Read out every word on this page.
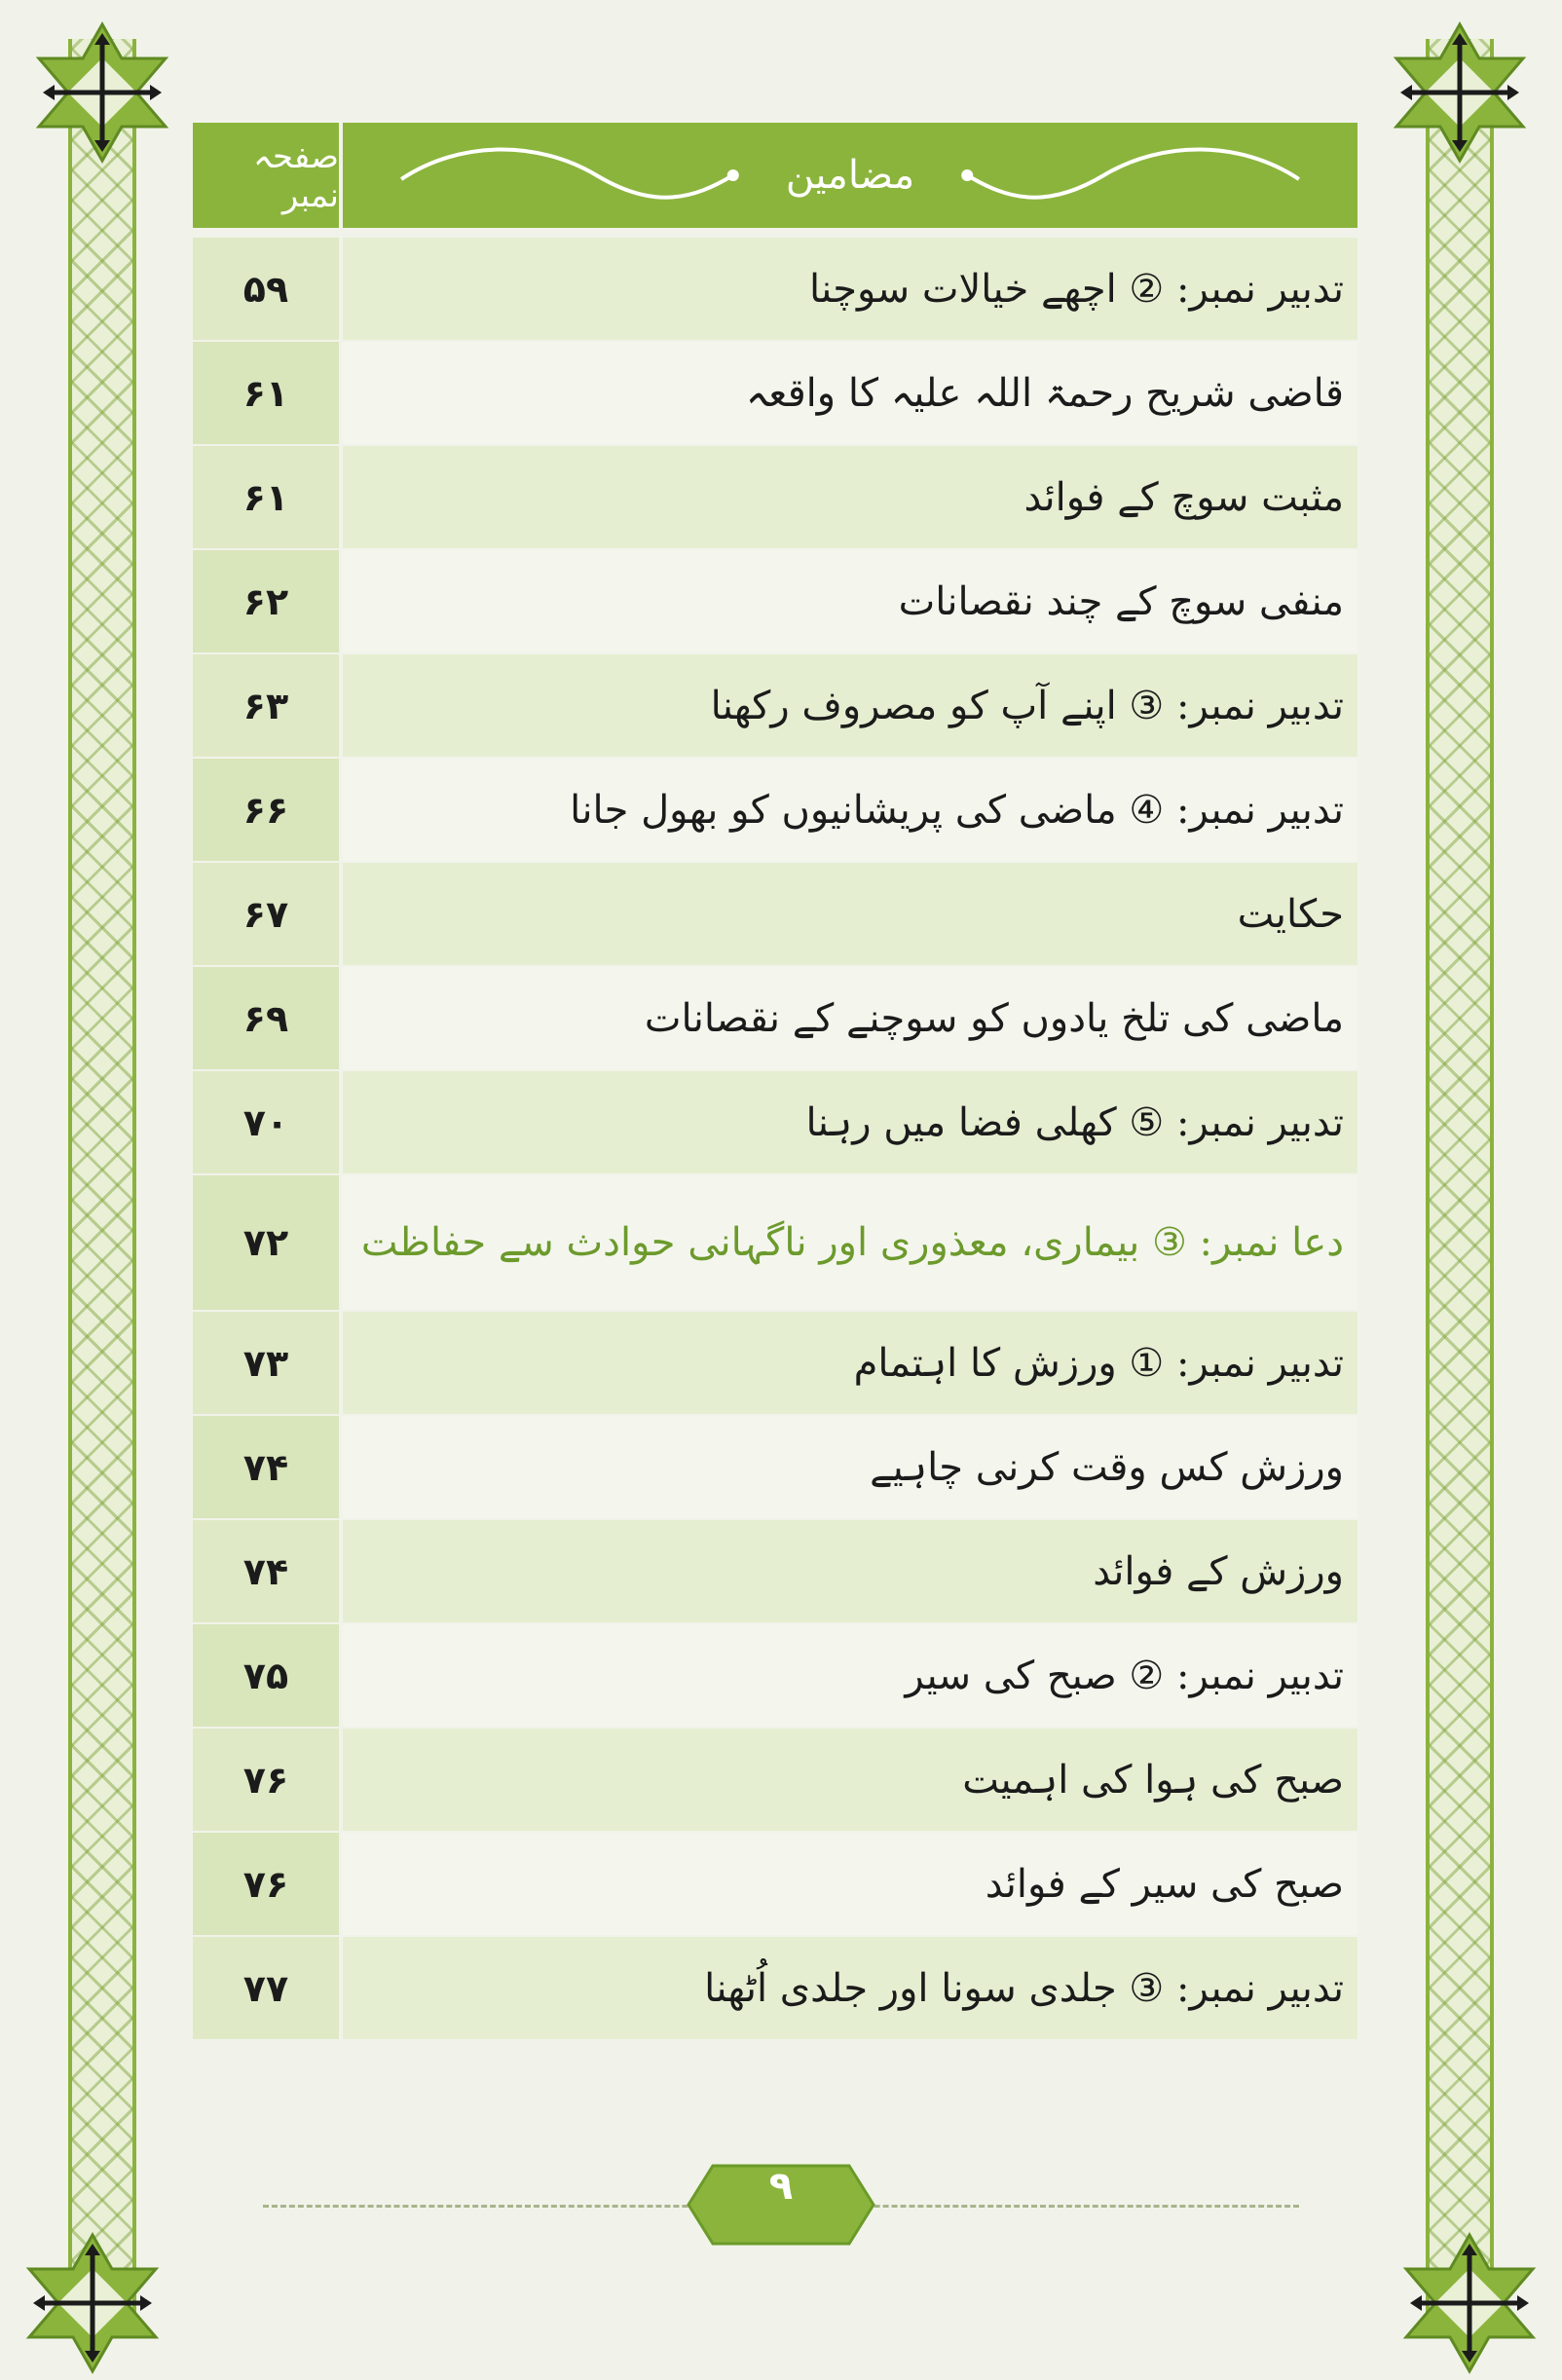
صفحہ نمبر	مضامین
۵۹	تدبیر نمبر: ② اچھے خیالات سوچنا
۶۱	قاضی شریح رحمۃ اللہ علیہ کا واقعہ
۶۱	مثبت سوچ کے فوائد
۶۲	منفی سوچ کے چند نقصانات
۶۳	تدبیر نمبر: ③ اپنے آپ کو مصروف رکھنا
۶۶	تدبیر نمبر: ④ ماضی کی پریشانیوں کو بھول جانا
۶۷	حکایت
۶۹	ماضی کی تلخ یادوں کو سوچنے کے نقصانات
۷۰	تدبیر نمبر: ⑤ کھلی فضا میں رہنا
۷۲	دعا نمبر: ③ بیماری، معذوری اور ناگہانی حوادث سے حفاظت
۷۳	تدبیر نمبر: ① ورزش کا اہتمام
۷۴	ورزش کس وقت کرنی چاہیے
۷۴	ورزش کے فوائد
۷۵	تدبیر نمبر: ② صبح کی سیر
۷۶	صبح کی ہوا کی اہمیت
۷۶	صبح کی سیر کے فوائد
۷۷	تدبیر نمبر: ③ جلدی سونا اور جلدی اُٹھنا
۹
